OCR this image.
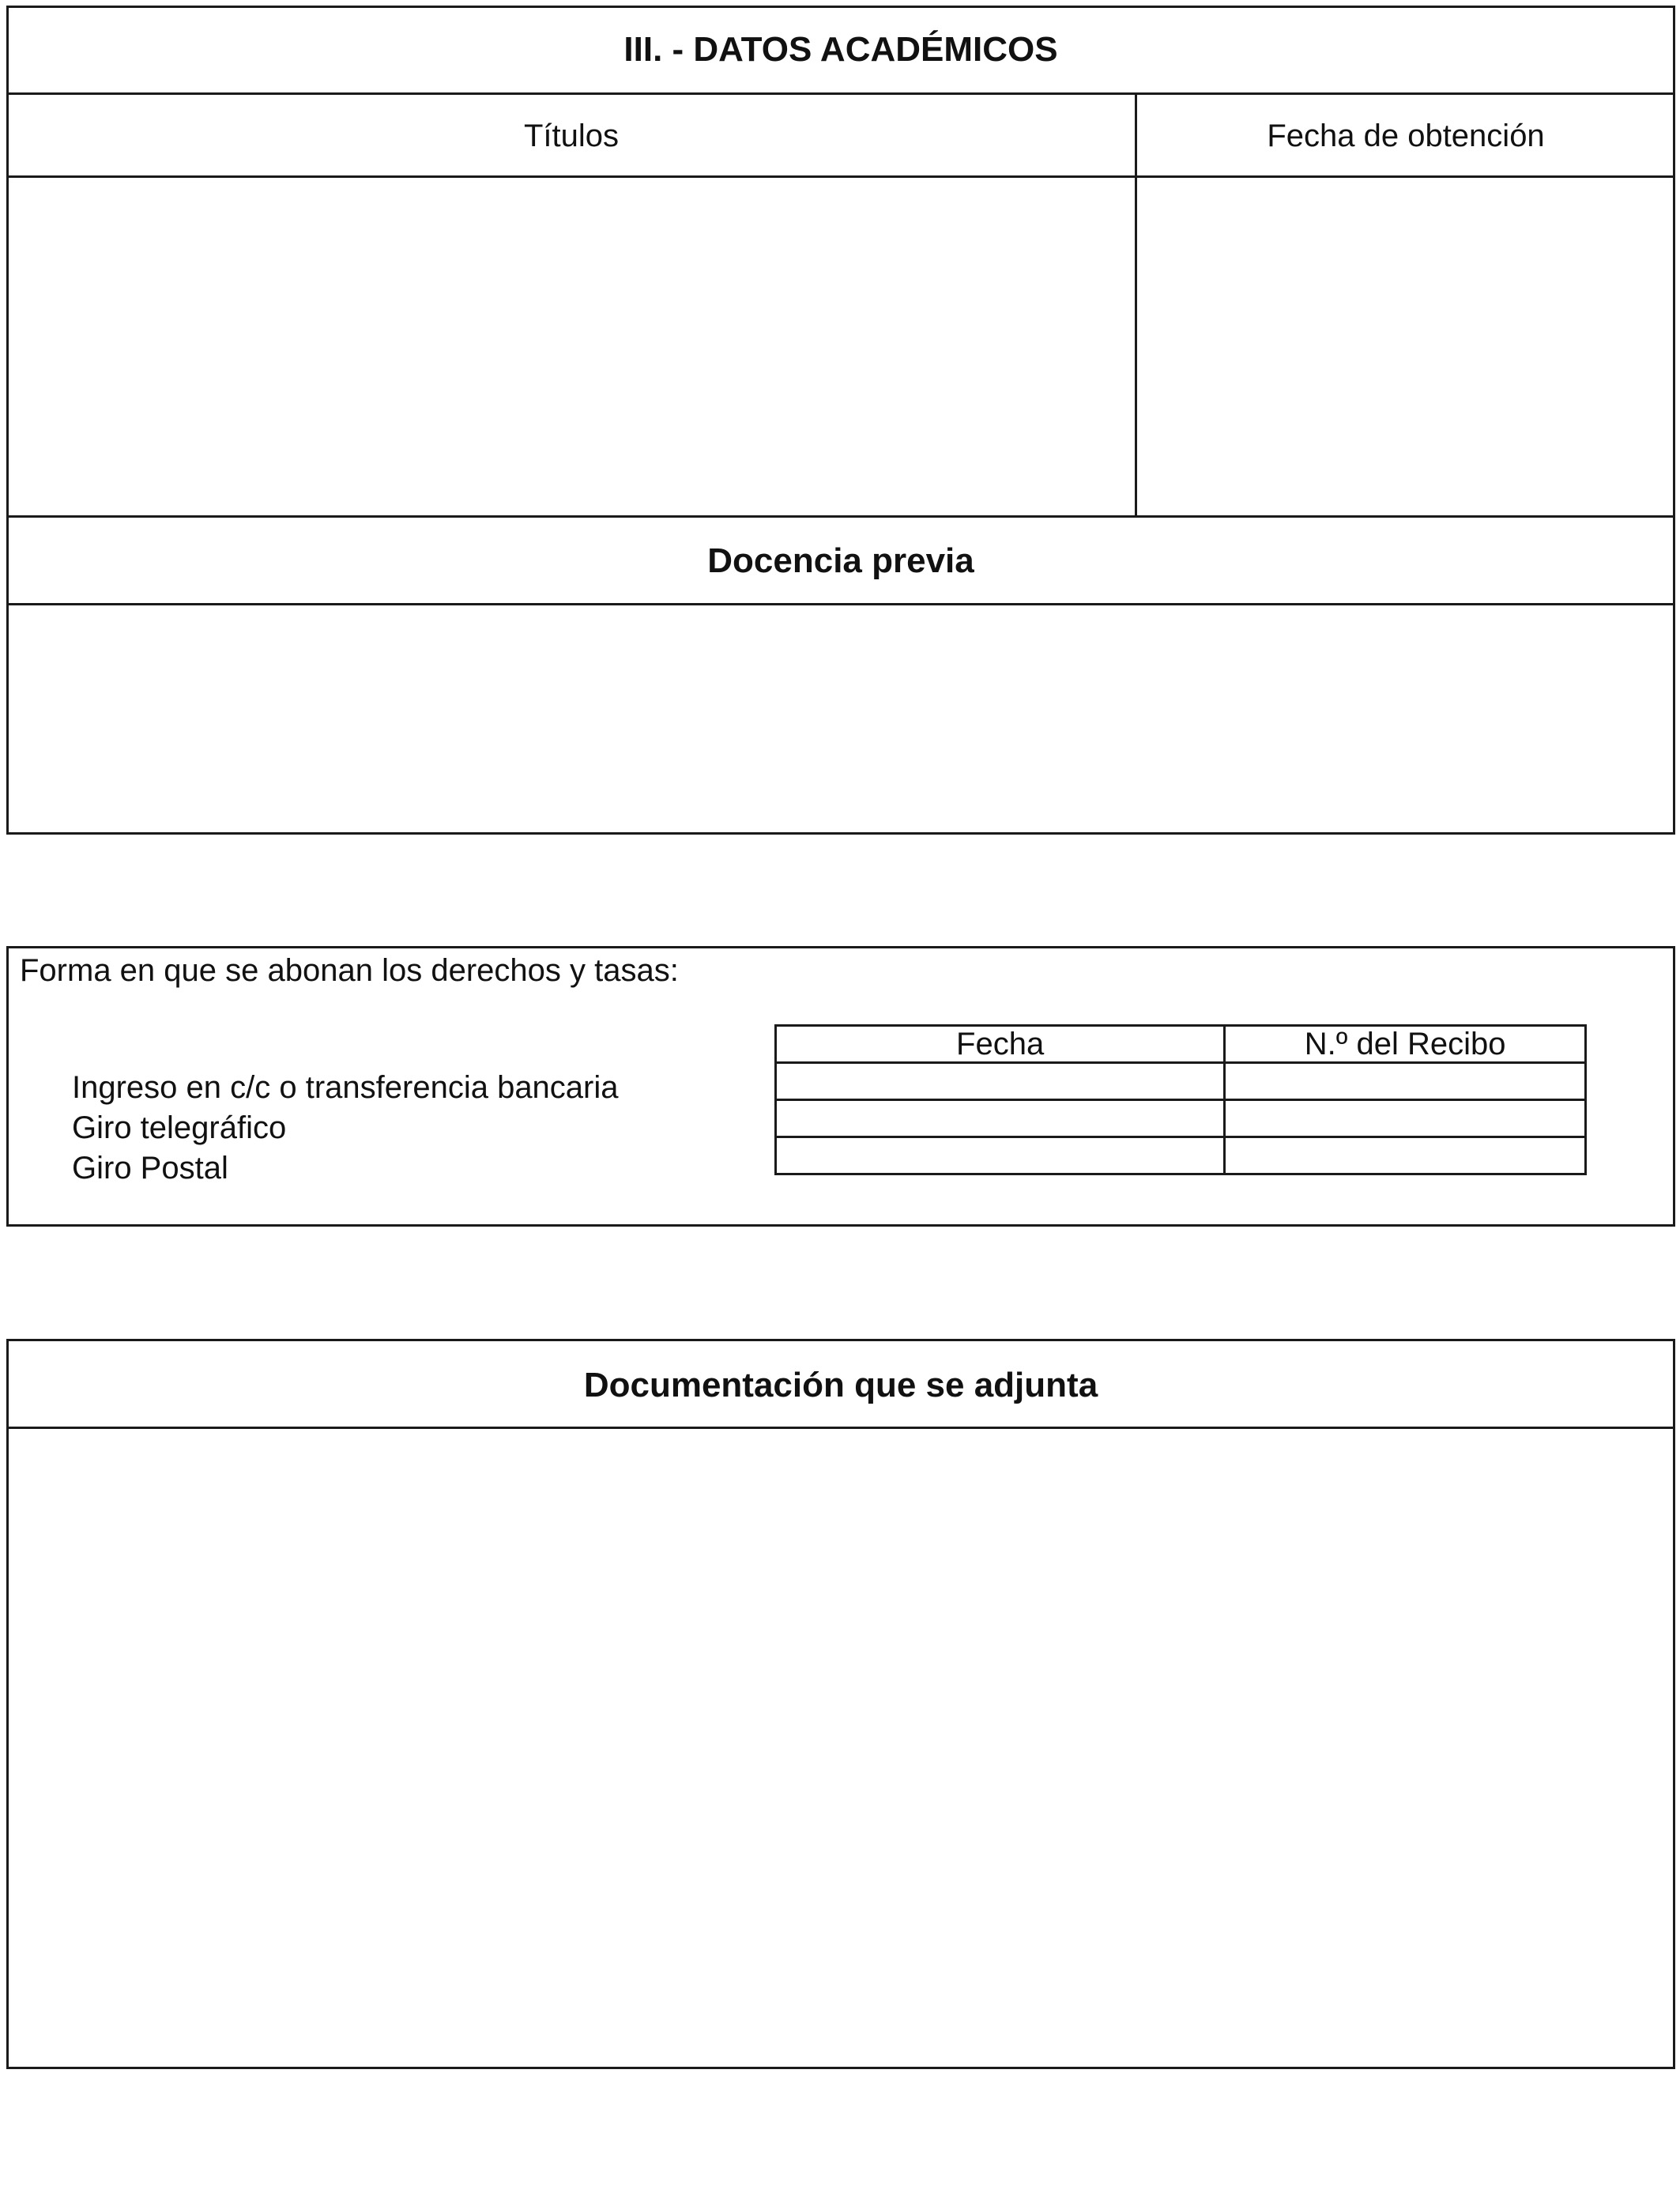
III. - DATOS ACADÉMICOS
Títulos	Fecha de obtención
Docencia previa
Forma en que se abonan los derechos y tasas:
Ingreso en c/c o transferencia bancaria
Giro telegráfico
Giro Postal
Fecha	N.º del Recibo

Documentación que se adjunta
